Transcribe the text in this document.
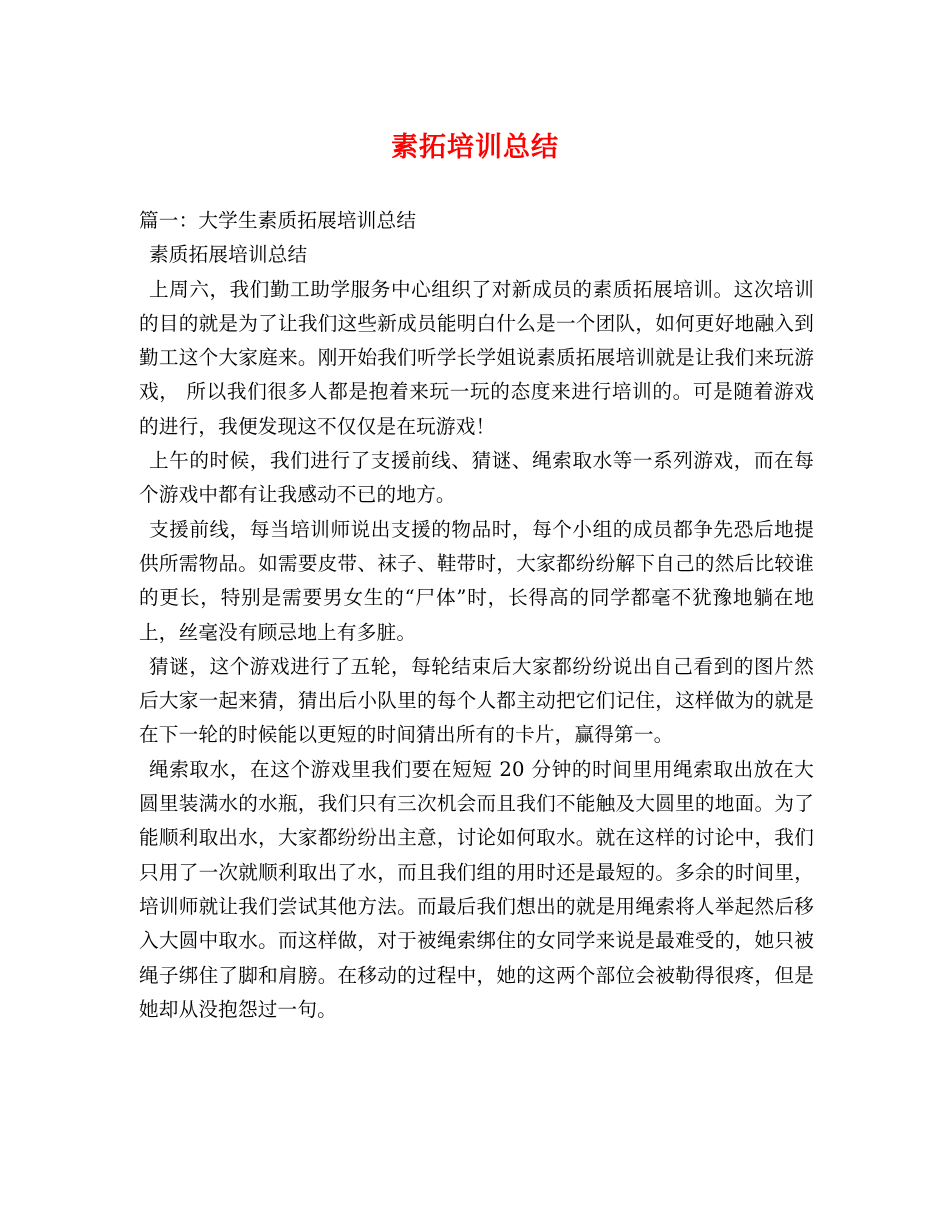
素拓培训总结

篇一：大学生素质拓展培训总结

素质拓展培训总结

上周六，我们勤工助学服务中心组织了对新成员的素质拓展培训。这次培训的目的就是为了让我们这些新成员能明白什么是一个团队，如何更好地融入到勤工这个大家庭来。刚开始我们听学长学姐说素质拓展培训就是让我们来玩游戏， 所以我们很多人都是抱着来玩一玩的态度来进行培训的。可是随着游戏的进行，我便发现这不仅仅是在玩游戏！

上午的时候，我们进行了支援前线、猜谜、绳索取水等一系列游戏，而在每个游戏中都有让我感动不已的地方。

支援前线，每当培训师说出支援的物品时，每个小组的成员都争先恐后地提供所需物品。如需要皮带、袜子、鞋带时，大家都纷纷解下自己的然后比较谁的更长，特别是需要男女生的“尸体”时，长得高的同学都毫不犹豫地躺在地上，丝毫没有顾忌地上有多脏。

猜谜，这个游戏进行了五轮，每轮结束后大家都纷纷说出自己看到的图片然后大家一起来猜，猜出后小队里的每个人都主动把它们记住，这样做为的就是在下一轮的时候能以更短的时间猜出所有的卡片，赢得第一。

绳索取水，在这个游戏里我们要在短短 20 分钟的时间里用绳索取出放在大圆里装满水的水瓶，我们只有三次机会而且我们不能触及大圆里的地面。为了能顺利取出水，大家都纷纷出主意，讨论如何取水。就在这样的讨论中，我们只用了一次就顺利取出了水，而且我们组的用时还是最短的。多余的时间里，培训师就让我们尝试其他方法。而最后我们想出的就是用绳索将人举起然后移入大圆中取水。而这样做，对于被绳索绑住的女同学来说是最难受的，她只被绳子绑住了脚和肩膀。在移动的过程中，她的这两个部位会被勒得很疼，但是她却从没抱怨过一句。
